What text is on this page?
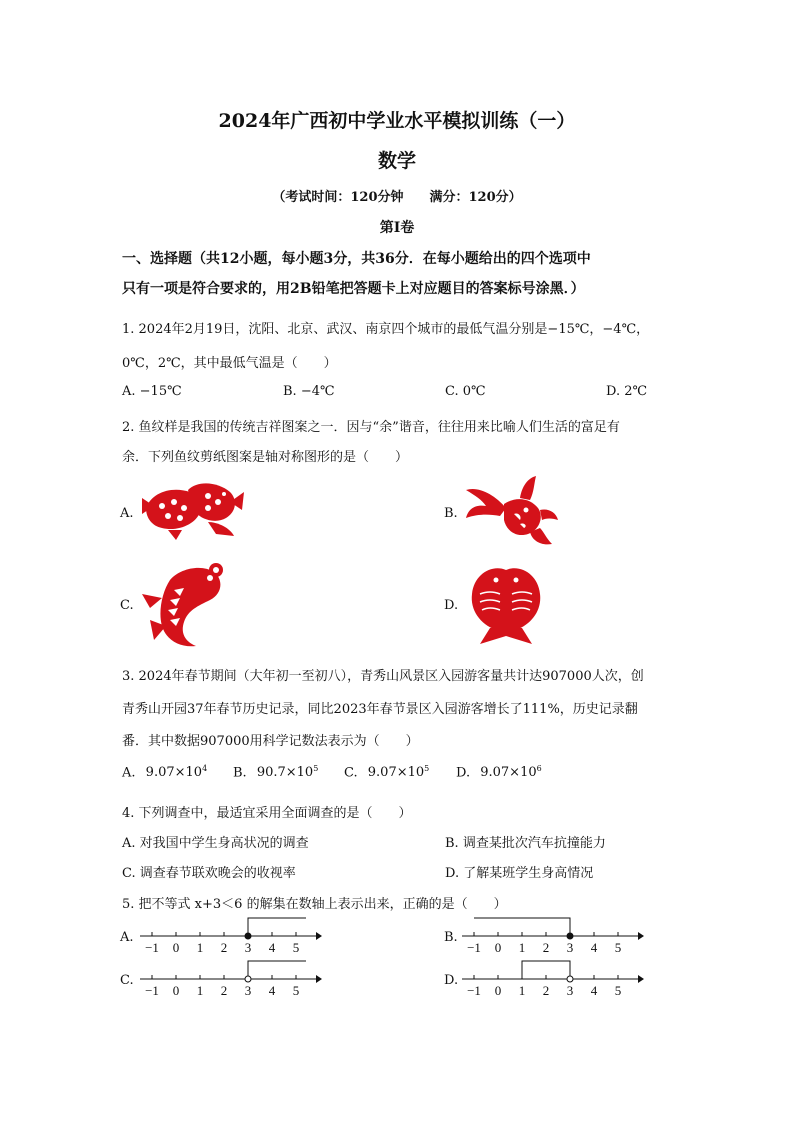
2024年广西初中学业水平模拟训练（一）
数学
（考试时间：120分钟　　满分：120分）
第Ⅰ卷
一、选择题（共12小题，每小题3分，共36分．在每小题给出的四个选项中
只有一项是符合要求的，用2B铅笔把答题卡上对应题目的答案标号涂黑．）
1. 2024年2月19日，沈阳、北京、武汉、南京四个城市的最低气温分别是−15℃，−4℃，
0℃，2℃，其中最低气温是（　　）
A. −15℃	B. −4℃	C. 0℃	D. 2℃
2. 鱼纹样是我国的传统吉祥图案之一．因与“余”谐音，往往用来比喻人们生活的富足有
余．下列鱼纹剪纸图案是轴对称图形的是（　　）
A.	B.
C.	D.
3. 2024年春节期间（大年初一至初八），青秀山风景区入园游客量共计达907000人次，创
青秀山开园37年春节历史记录，同比2023年春节景区入园游客增长了111%，历史记录翻
番．其中数据907000用科学记数法表示为（　　）
A. $9.07\times 10^4$ B. $90.7\times 10^5$ C. $9.07\times 10^5$ D. $9.07\times 10^6$
4. 下列调查中，最适宜采用全面调查的是（　　）
A. 对我国中学生身高状况的调查	B. 调查某批次汽车抗撞能力
C. 调查春节联欢晚会的收视率	D. 了解某班学生身高情况
5. 把不等式 x+3＜6 的解集在数轴上表示出来，正确的是（　　）
A.	B.
C.	D.
−1 0 1 2 3 4 5	−1 0 1 2 3 4 5
−1 0 1 2 3 4 5	−1 0 1 2 3 4 5
